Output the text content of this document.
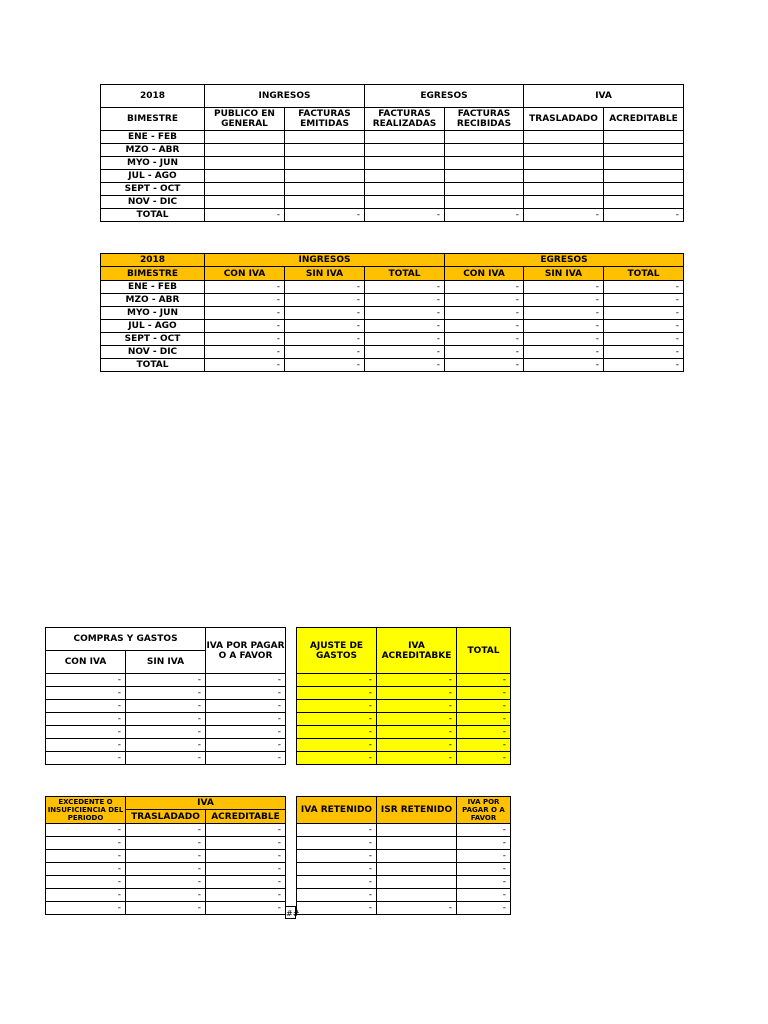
2018	INGRESOS		EGRESOS		IVA	
BIMESTRE	PUBLICO EN GENERAL	FACTURAS EMITIDAS	FACTURAS REALIZADAS	FACTURAS RECIBIDAS	TRASLADADO	ACREDITABLE
ENE - FEB						
MZO - ABR						
MYO - JUN						
JUL - AGO						
SEPT - OCT						
NOV - DIC						
TOTAL	-	-	-	-	-	-
2018	INGRESOS			EGRESOS		
BIMESTRE	CON IVA	SIN IVA	TOTAL	CON IVA	SIN IVA	TOTAL
ENE - FEB	-	-	-	-	-	-
MZO - ABR	-	-	-	-	-	-
MYO - JUN	-	-	-	-	-	-
JUL - AGO	-	-	-	-	-	-
SEPT - OCT	-	-	-	-	-	-
NOV - DIC	-	-	-	-	-	-
TOTAL	-	-	-	-	-	-
COMPRAS Y GASTOS		IVA POR PAGAR O A FAVOR
CON IVA	SIN IVA	
-	-	-
-	-	-
-	-	-
-	-	-
-	-	-
-	-	-
-	-	-
AJUSTE DE GASTOS	IVA ACREDITABKE	TOTAL
-	-	-
-	-	-
-	-	-
-	-	-
-	-	-
-	-	-
-	-	-
EXCEDENTE O INSUFICIENCIA DEL PERIODO	IVA	
	TRASLADADO	ACREDITABLE
-	-	-
-	-	-
-	-	-
-	-	-
-	-	-
-	-	-
-	-	-
##
IVA RETENIDO	ISR RETENIDO	IVA POR PAGAR O A FAVOR
-		-
-		-
-		-
-		-
-		-
-		-
-	-	-
